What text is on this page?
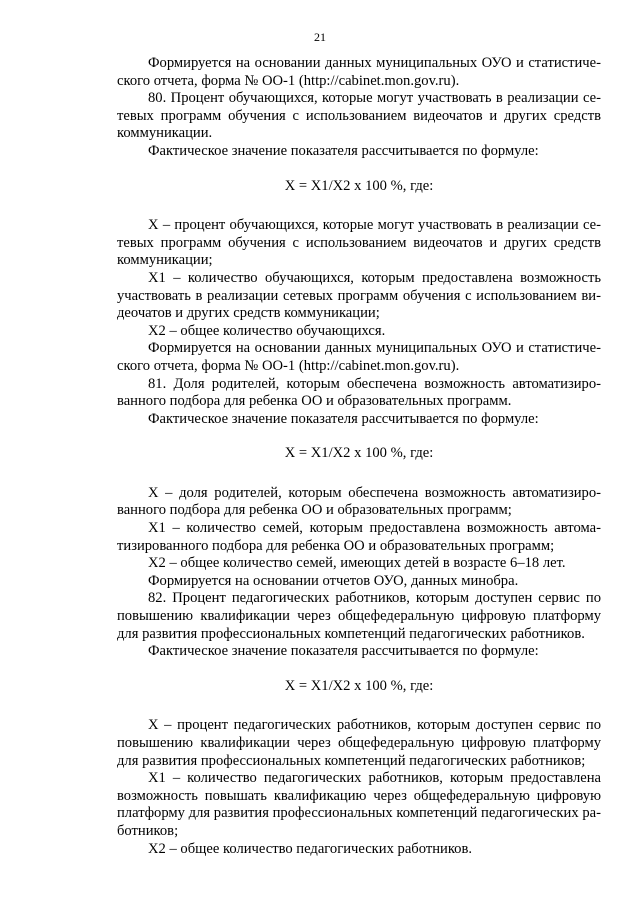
21

Формируется на основании данных муниципальных ОУО и статистического отчета, форма № ОО-1 (http://cabinet.mon.gov.ru).

80. Процент обучающихся, которые могут участвовать в реализации сетевых программ обучения с использованием видеочатов и других средств коммуникации.

Фактическое значение показателя рассчитывается по формуле:

Х = Х1/Х2 х 100 %, где:

Х – процент обучающихся, которые могут участвовать в реализации сетевых программ обучения с использованием видеочатов и других средств коммуникации;

Х1 – количество обучающихся, которым предоставлена возможность участвовать в реализации сетевых программ обучения с использованием видеочатов и других средств коммуникации;

Х2 – общее количество обучающихся.

Формируется на основании данных муниципальных ОУО и статистического отчета, форма № ОО-1 (http://cabinet.mon.gov.ru).

81. Доля родителей, которым обеспечена возможность автоматизированного подбора для ребенка ОО и образовательных программ.

Фактическое значение показателя рассчитывается по формуле:

Х = Х1/Х2 х 100 %, где:

Х – доля родителей, которым обеспечена возможность автоматизированного подбора для ребенка ОО и образовательных программ;

Х1 – количество семей, которым предоставлена возможность автоматизированного подбора для ребенка ОО и образовательных программ;

Х2 – общее количество семей, имеющих детей в возрасте 6–18 лет.

Формируется на основании отчетов ОУО, данных минобра.

82. Процент педагогических работников, которым доступен сервис по повышению квалификации через общефедеральную цифровую платформу для развития профессиональных компетенций педагогических работников.

Фактическое значение показателя рассчитывается по формуле:

Х = Х1/Х2 х 100 %, где:

Х – процент педагогических работников, которым доступен сервис по повышению квалификации через общефедеральную цифровую платформу для развития профессиональных компетенций педагогических работников;

Х1 – количество педагогических работников, которым предоставлена возможность повышать квалификацию через общефедеральную цифровую платформу для развития профессиональных компетенций педагогических работников;

Х2 – общее количество педагогических работников.
